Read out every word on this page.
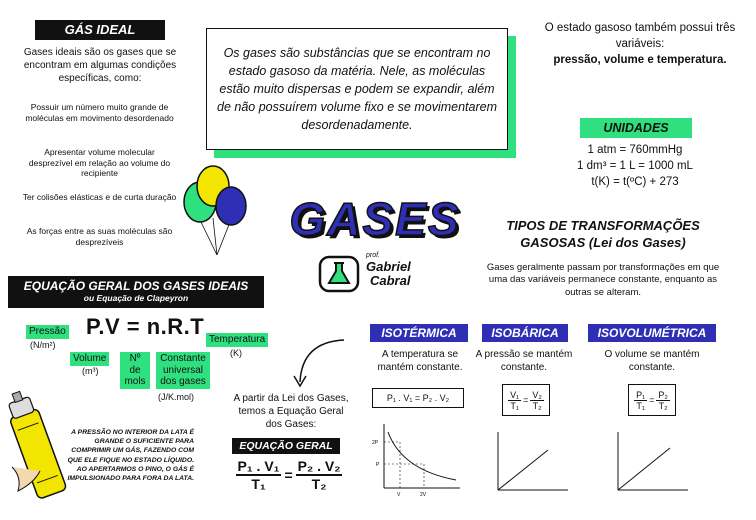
GÁS IDEAL
Gases ideais são os gases que se encontram em algumas condições específicas, como:
Possuir um número muito grande de moléculas em movimento desordenado
Apresentar volume molecular desprezível em relação ao volume do recipiente
Ter colisões elásticas e de curta duração
As forças entre as suas moléculas são desprezíveis
Os gases são substâncias que se encontram no estado gasoso da matéria. Nele, as moléculas estão muito dispersas e podem se expandir, além de não possuírem volume fixo e se movimentarem desordenadamente.
O estado gasoso também possui três variáveis:
pressão, volume e temperatura.
UNIDADES
1 atm = 760mmHg
1 dm³ = 1 L = 1000 mL
t(K) = t(ºC) + 273
GASES
prof.
Gabriel
Cabral
TIPOS DE TRANSFORMAÇÕES GASOSAS (Lei dos Gases)
Gases geralmente passam por transformações em que uma das variáveis permanece constante, enquanto as outras se alteram.
ISOTÉRMICA
A temperatura se mantém constante.
P₁ . V₁ = P₂ . V₂
2P
P
V	2V
ISOBÁRICA
A pressão se mantém constante.
$\frac{\text{V₁}}{\text{T₁}} = \frac{\text{V₂}}{\text{T₂}}$
ISOVOLUMÉTRICA
O volume se mantém constante.
$\frac{\text{P₁}}{\text{T₁}} = \frac{\text{P₂}}{\text{T₂}}$
EQUAÇÃO GERAL DOS GASES IDEAIS
ou Equação de Clapeyron
P.V = n.R.T
Pressão
(N/m²)
Volume
(m³)
Nº de mols
Constante universal dos gases
(J/K.mol)
Temperatura
(K)
A PRESSÃO NO INTERIOR DA LATA É GRANDE O SUFICIENTE PARA COMPRIMIR UM GÁS, FAZENDO COM QUE ELE FIQUE NO ESTADO LÍQUIDO. AO APERTARMOS O PINO, O GÁS É IMPULSIONADO PARA FORA DA LATA.
A partir da Lei dos Gases, temos a Equação Geral dos Gases:
EQUAÇÃO GERAL
$\frac{\text{P₁ . V₁}}{\text{T₁}} = \frac{\text{P₂ . V₂}}{\text{T₂}}$
